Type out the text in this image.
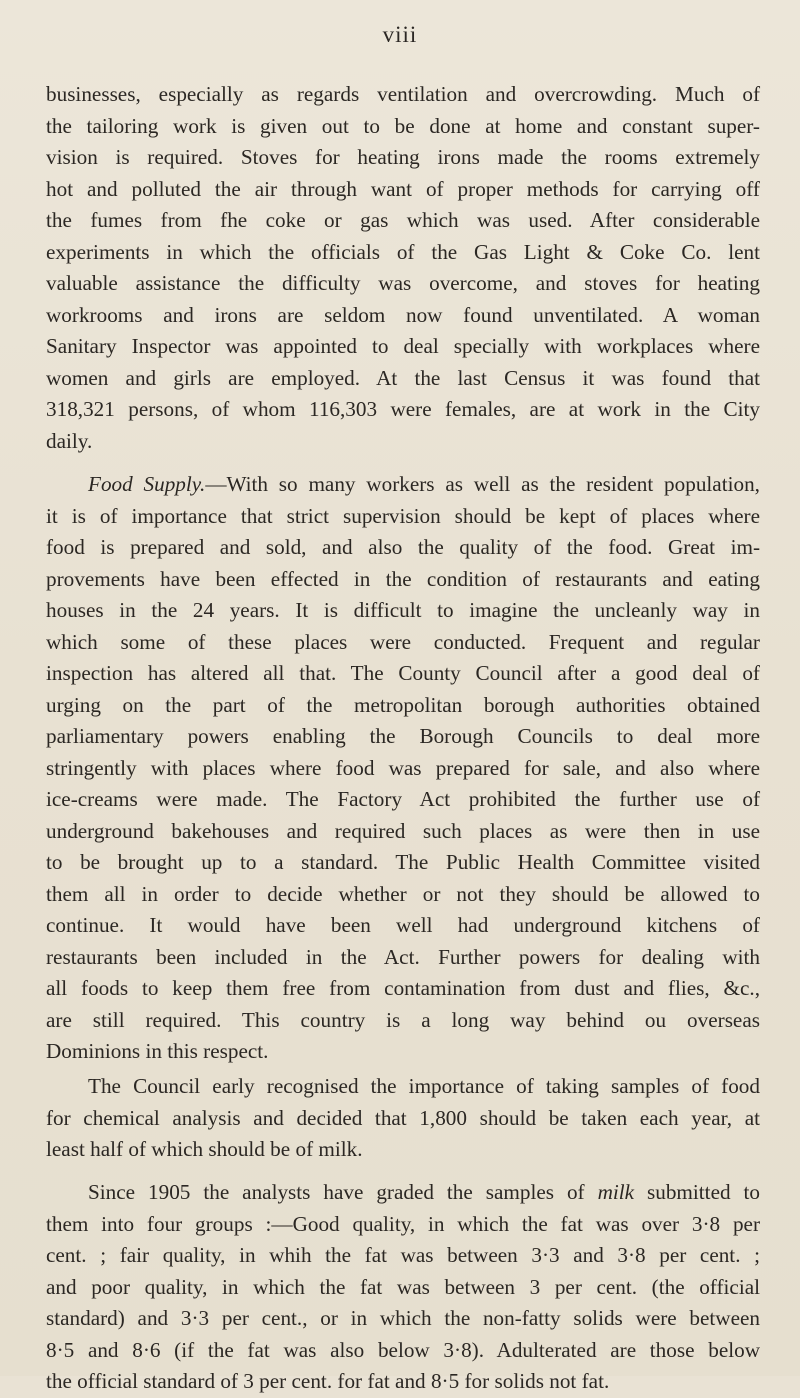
viii
businesses, especially as regards ventilation and overcrowding. Much of
the tailoring work is given out to be done at home and constant super-
vision is required. Stoves for heating irons made the rooms extremely
hot and polluted the air through want of proper methods for carrying off
the fumes from fhe coke or gas which was used. After considerable
experiments in which the officials of the Gas Light & Coke Co. lent
valuable assistance the difficulty was overcome, and stoves for heating
workrooms and irons are seldom now found unventilated. A woman
Sanitary Inspector was appointed to deal specially with workplaces where
women and girls are employed. At the last Census it was found that
318,321 persons, of whom 116,303 were females, are at work in the City
daily.
Food Supply.—With so many workers as well as the resident population,
it is of importance that strict supervision should be kept of places where
food is prepared and sold, and also the quality of the food. Great im-
provements have been effected in the condition of restaurants and eating
houses in the 24 years. It is difficult to imagine the uncleanly way in
which some of these places were conducted. Frequent and regular
inspection has altered all that. The County Council after a good deal of
urging on the part of the metropolitan borough authorities obtained
parliamentary powers enabling the Borough Councils to deal more
stringently with places where food was prepared for sale, and also where
ice-creams were made. The Factory Act prohibited the further use of
underground bakehouses and required such places as were then in use
to be brought up to a standard. The Public Health Committee visited
them all in order to decide whether or not they should be allowed to
continue. It would have been well had underground kitchens of
restaurants been included in the Act. Further powers for dealing with
all foods to keep them free from contamination from dust and flies, &c.,
are still required. This country is a long way behind ou overseas
Dominions in this respect.
The Council early recognised the importance of taking samples of food
for chemical analysis and decided that 1,800 should be taken each year, at
least half of which should be of milk.
Since 1905 the analysts have graded the samples of milk submitted to
them into four groups :—Good quality, in which the fat was over 3·8 per
cent. ; fair quality, in whih the fat was between 3·3 and 3·8 per cent. ;
and poor quality, in which the fat was between 3 per cent. (the official
standard) and 3·3 per cent., or in which the non-fatty solids were between
8·5 and 8·6 (if the fat was also below 3·8). Adulterated are those below
the official standard of 3 per cent. for fat and 8·5 for solids not fat.
